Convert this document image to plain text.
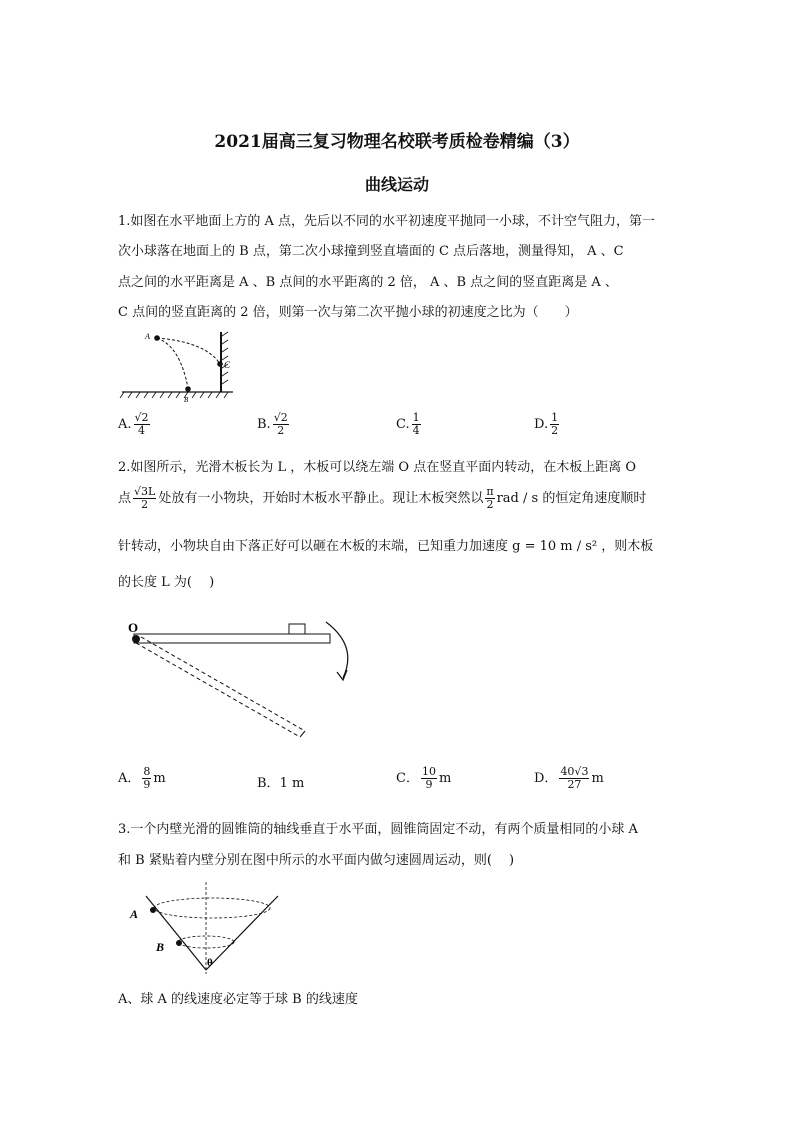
2021届高三复习物理名校联考质检卷精编（3）
曲线运动
1.如图在水平地面上方的 A 点，先后以不同的水平初速度平抛同一小球，不计空气阻力，第一
次小球落在地面上的 B 点，第二次小球撞到竖直墙面的 C 点后落地，测量得知， A 、C
点之间的水平距离是 A 、B 点间的水平距离的 2 倍， A 、B 点之间的竖直距离是 A 、
C 点间的竖直距离的 2 倍，则第一次与第二次平抛小球的初速度之比为（　　）
A
B
C
A. $\frac{√2}{4}$	B. $\frac{√2}{2}$	C. $\frac{1}{4}$	D. $\frac{1}{2}$
2.如图所示，光滑木板长为 L ，木板可以绕左端 O 点在竖直平面内转动，在木板上距离 O
点 $\frac{√3L}{2}$ 处放有一小物块，开始时木板水平静止。现让木板突然以 $\frac{\pi}{2}$ rad / s 的恒定角速度顺时
针转动，小物块自由下落正好可以砸在木板的末端，已知重力加速度 g = 10 m / s² ，则木板
的长度 L 为(　 )
O
A． $\frac{8}{9}$ m	B．1 m	C． $\frac{10}{9}$ m	D． $\frac{40√3}{27}$ m
3.一个内壁光滑的圆锥筒的轴线垂直于水平面，圆锥筒固定不动，有两个质量相同的小球 A
和 B 紧贴着内壁分别在图中所示的水平面内做匀速圆周运动，则(　 )
A
B
θ
A、球 A 的线速度必定等于球 B 的线速度
